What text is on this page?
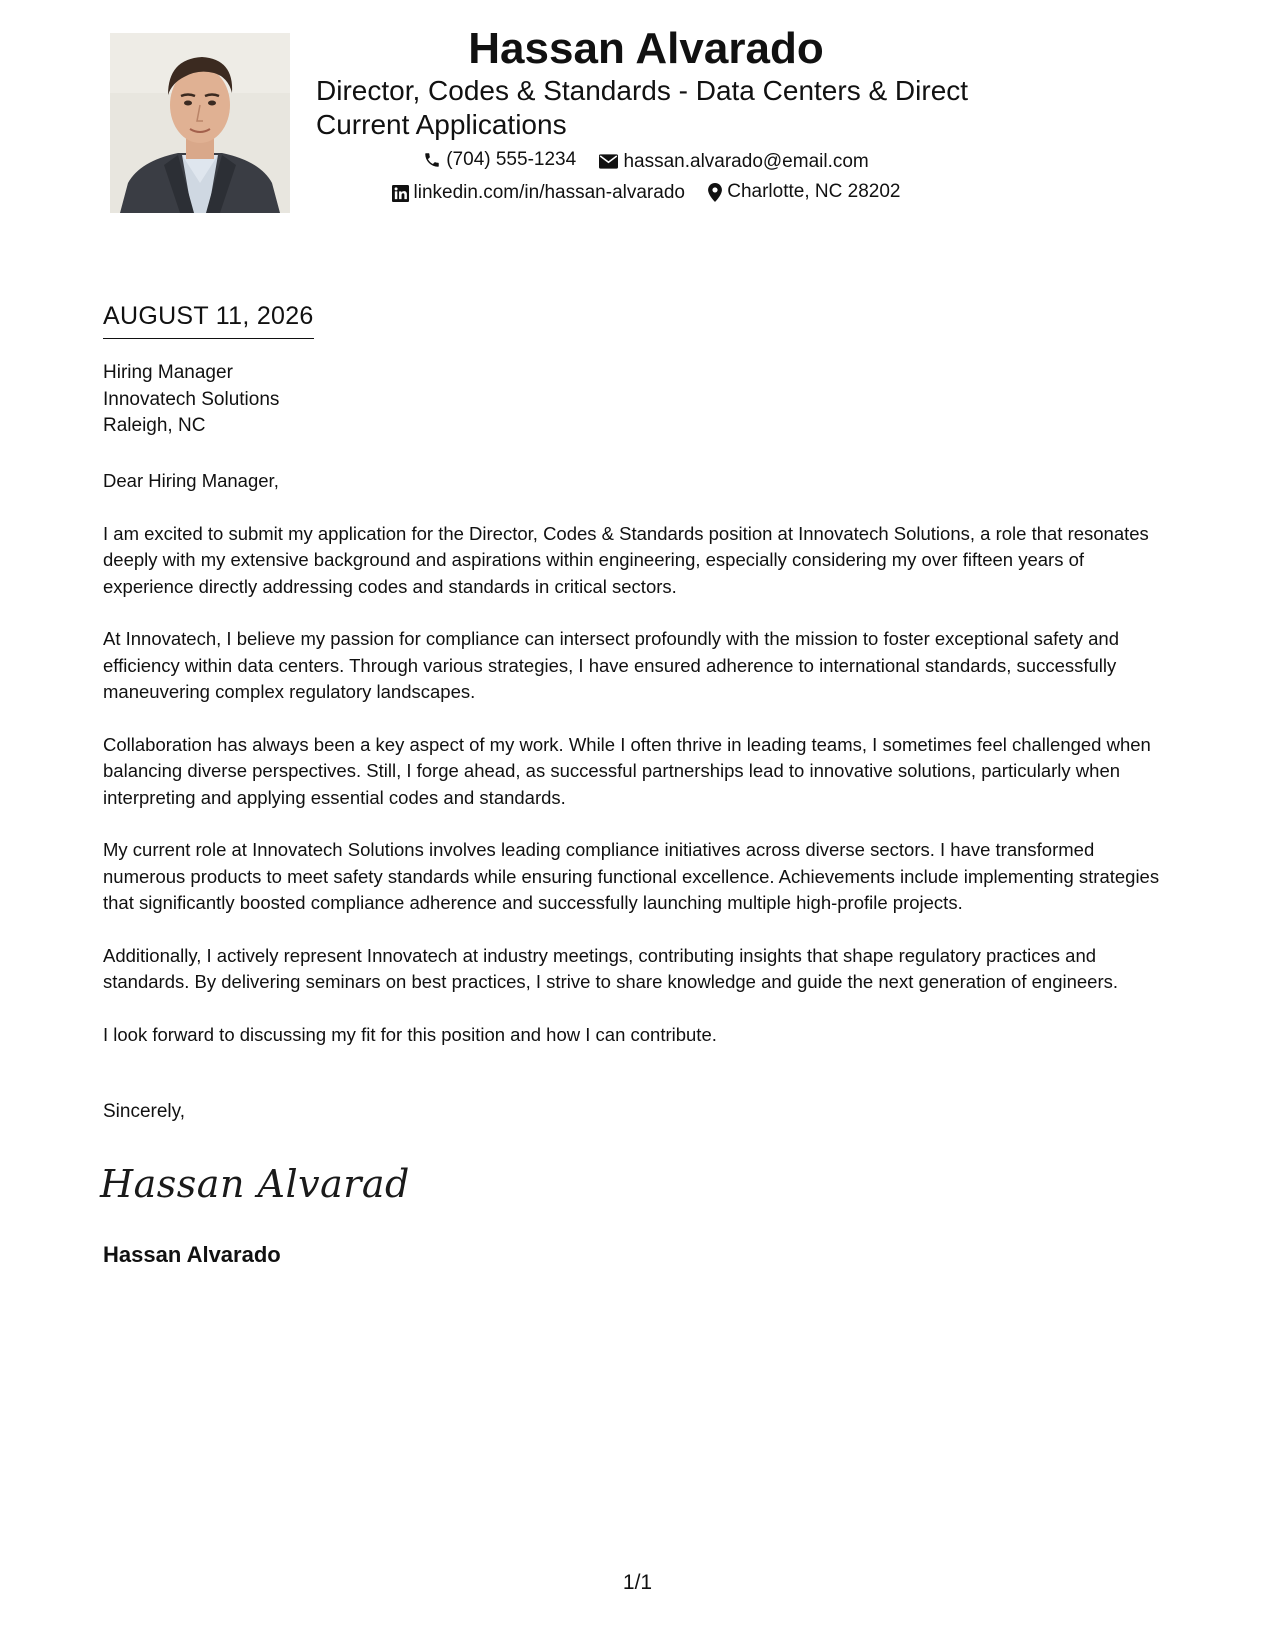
Hassan Alvarado
Director, Codes & Standards - Data Centers & Direct
Current Applications
(704) 555-1234
hassan.alvarado@email.com
linkedin.com/in/hassan-alvarado
Charlotte, NC 28202
AUGUST 11, 2026
Hiring Manager
Innovatech Solutions
Raleigh, NC

Dear Hiring Manager,

I am excited to submit my application for the Director, Codes & Standards position at Innovatech Solutions, a role that resonates deeply with my extensive background and aspirations within engineering, especially considering my over fifteen years of experience directly addressing codes and standards in critical sectors.

At Innovatech, I believe my passion for compliance can intersect profoundly with the mission to foster exceptional safety and efficiency within data centers. Through various strategies, I have ensured adherence to international standards, successfully maneuvering complex regulatory landscapes.

Collaboration has always been a key aspect of my work. While I often thrive in leading teams, I sometimes feel challenged when balancing diverse perspectives. Still, I forge ahead, as successful partnerships lead to innovative solutions, particularly when interpreting and applying essential codes and standards.

My current role at Innovatech Solutions involves leading compliance initiatives across diverse sectors. I have transformed numerous products to meet safety standards while ensuring functional excellence. Achievements include implementing strategies that significantly boosted compliance adherence and successfully launching multiple high-profile projects.

Additionally, I actively represent Innovatech at industry meetings, contributing insights that shape regulatory practices and standards. By delivering seminars on best practices, I strive to share knowledge and guide the next generation of engineers.

I look forward to discussing my fit for this position and how I can contribute.

Sincerely,
Hassan Alvarad
Hassan Alvarado
1/1
